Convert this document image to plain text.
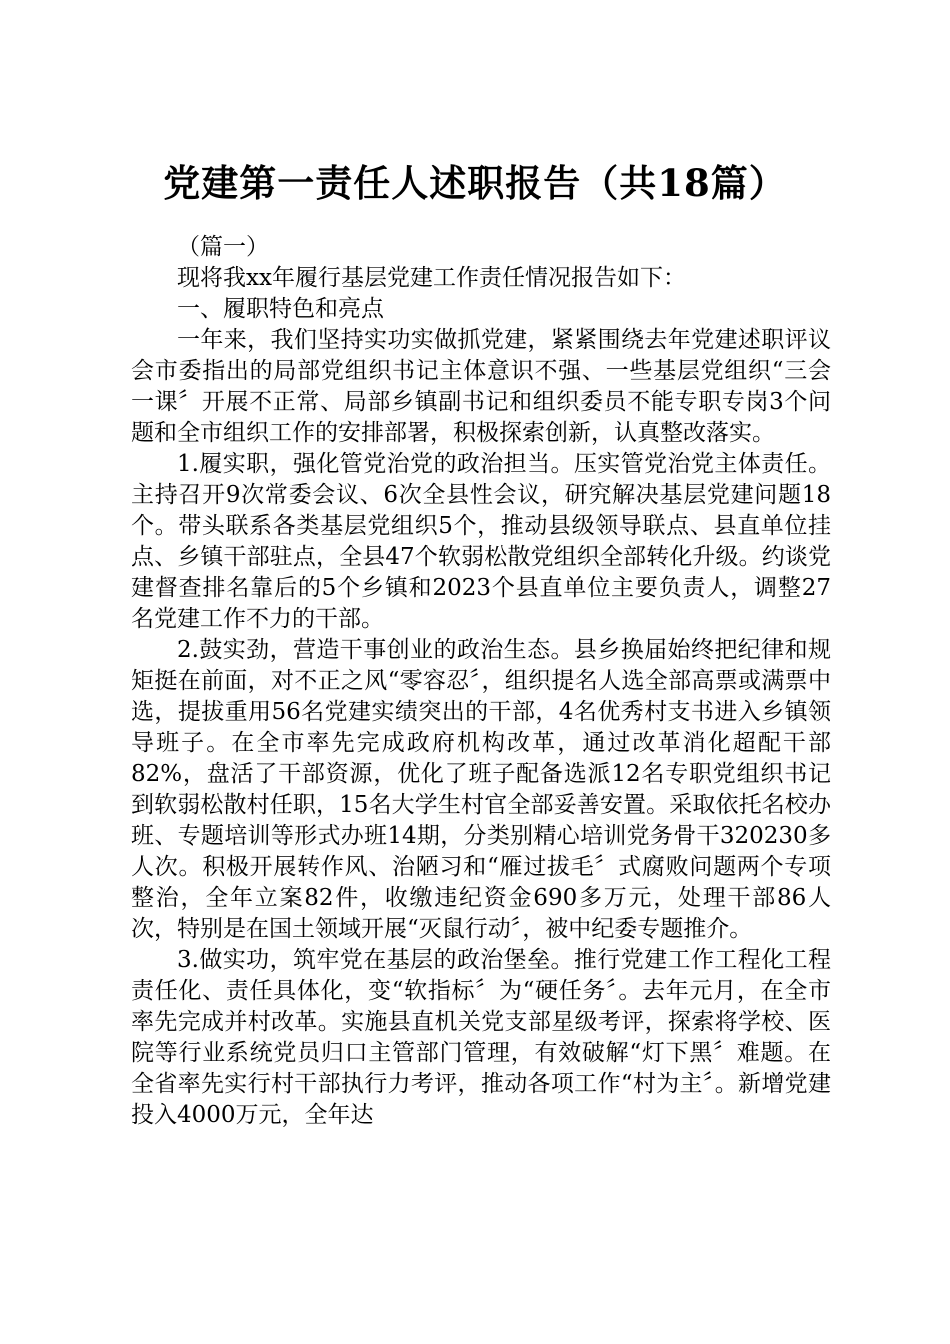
党建第一责任人述职报告（共18篇）

（篇一）

现将我xx年履行基层党建工作责任情况报告如下：

一、履职特色和亮点

一年来，我们坚持实功实做抓党建，紧紧围绕去年党建述职评议会市委指出的局部党组织书记主体意识不强、一些基层党组织“三会一课〞开展不正常、局部乡镇副书记和组织委员不能专职专岗3个问题和全市组织工作的安排部署，积极探索创新，认真整改落实。

1.履实职，强化管党治党的政治担当。压实管党治党主体责任。主持召开9次常委会议、6次全县性会议，研究解决基层党建问题18个。带头联系各类基层党组织5个，推动县级领导联点、县直单位挂点、乡镇干部驻点，全县47个软弱松散党组织全部转化升级。约谈党建督查排名靠后的5个乡镇和2023个县直单位主要负责人，调整27名党建工作不力的干部。

2.鼓实劲，营造干事创业的政治生态。县乡换届始终把纪律和规矩挺在前面，对不正之风“零容忍〞，组织提名人选全部高票或满票中选，提拔重用56名党建实绩突出的干部，4名优秀村支书进入乡镇领导班子。在全市率先完成政府机构改革，通过改革消化超配干部82%，盘活了干部资源，优化了班子配备选派12名专职党组织书记到软弱松散村任职，15名大学生村官全部妥善安置。采取依托名校办班、专题培训等形式办班14期，分类别精心培训党务骨干320230多人次。积极开展转作风、治陋习和“雁过拔毛〞式腐败问题两个专项整治，全年立案82件，收缴违纪资金690多万元，处理干部86人次，特别是在国土领域开展“灭鼠行动〞，被中纪委专题推介。

3.做实功，筑牢党在基层的政治堡垒。推行党建工作工程化工程责任化、责任具体化，变“软指标〞为“硬任务〞。去年元月，在全市率先完成并村改革。实施县直机关党支部星级考评，探索将学校、医院等行业系统党员归口主管部门管理，有效破解“灯下黑〞难题。在全省率先实行村干部执行力考评，推动各项工作“村为主〞。新增党建投入4000万元，全年达
